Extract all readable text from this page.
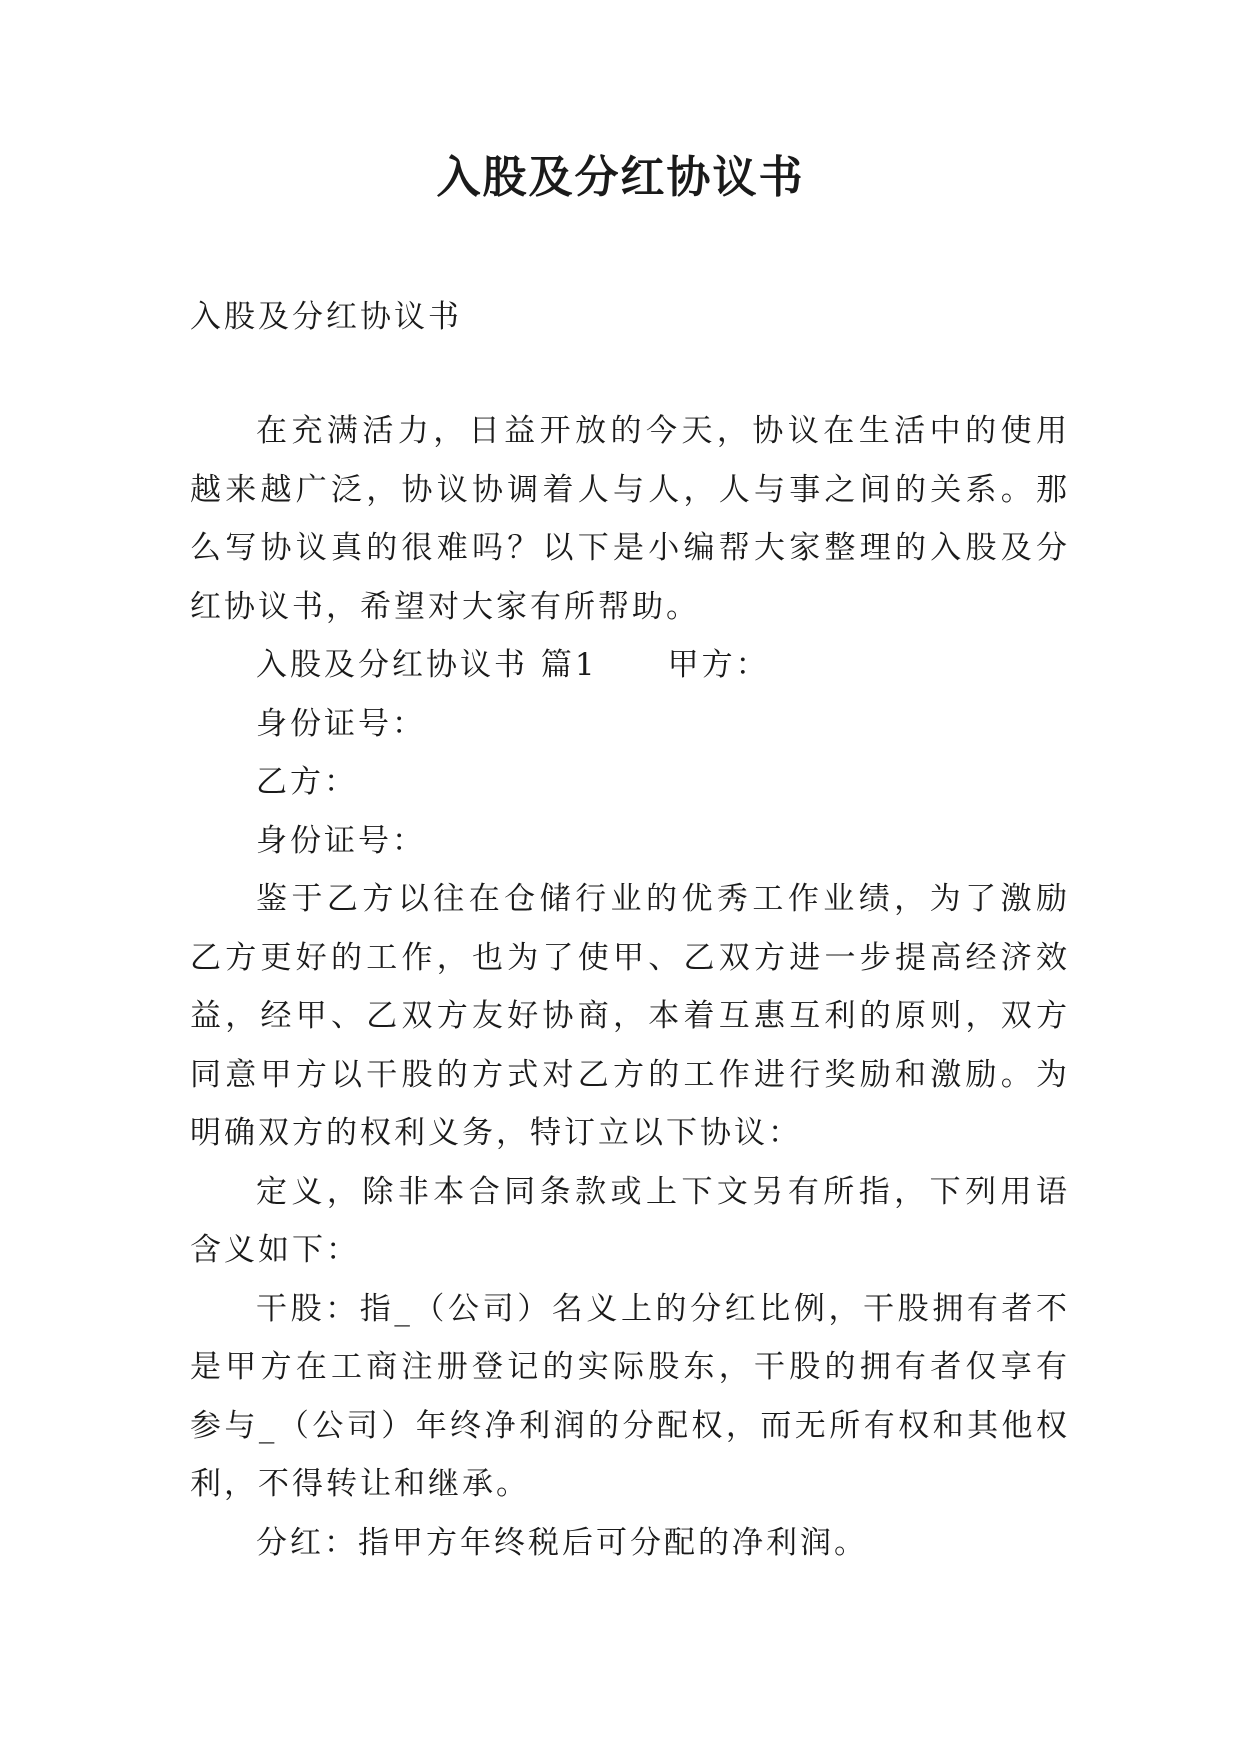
入股及分红协议书
入股及分红协议书

在充满活力，日益开放的今天，协议在生活中的使用越来越广泛，协议协调着人与人，人与事之间的关系。那么写协议真的很难吗？以下是小编帮大家整理的入股及分红协议书，希望对大家有所帮助。

入股及分红协议书 篇1 甲方：

身份证号：

乙方：

身份证号：

鉴于乙方以往在仓储行业的优秀工作业绩，为了激励乙方更好的工作，也为了使甲、乙双方进一步提高经济效益，经甲、乙双方友好协商，本着互惠互利的原则，双方同意甲方以干股的方式对乙方的工作进行奖励和激励。为明确双方的权利义务，特订立以下协议：

定义，除非本合同条款或上下文另有所指，下列用语含义如下：

干股：指_（公司）名义上的分红比例，干股拥有者不是甲方在工商注册登记的实际股东，干股的拥有者仅享有参与_（公司）年终净利润的分配权，而无所有权和其他权利，不得转让和继承。

分红：指甲方年终税后可分配的净利润。
